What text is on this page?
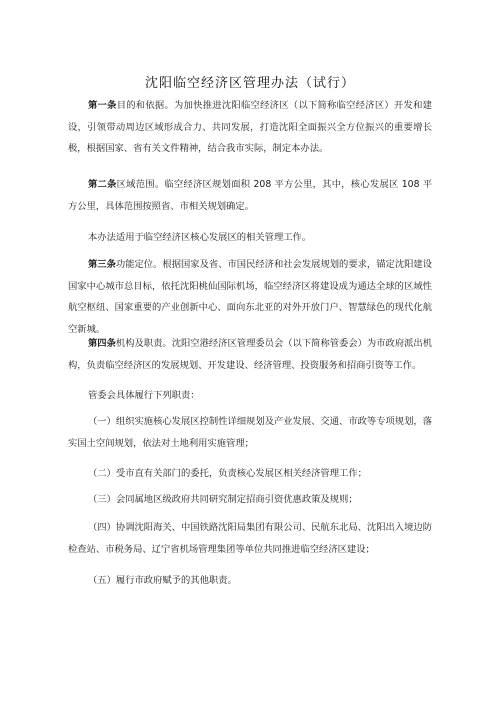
沈阳临空经济区管理办法（试行）

第一条目的和依据。为加快推进沈阳临空经济区（以下简称临空经济区）开发和建设，引领带动周边区域形成合力、共同发展，打造沈阳全面振兴全方位振兴的重要增长极，根据国家、省有关文件精神，结合我市实际，制定本办法。

第二条区域范围。临空经济区规划面积 208 平方公里，其中，核心发展区 108 平方公里，具体范围按照省、市相关规划确定。

本办法适用于临空经济区核心发展区的相关管理工作。

第三条功能定位。根据国家及省、市国民经济和社会发展规划的要求，锚定沈阳建设国家中心城市总目标，依托沈阳桃仙国际机场，临空经济区将建设成为通达全球的区域性航空枢纽、国家重要的产业创新中心、面向东北亚的对外开放门户、智慧绿色的现代化航空新城。

第四条机构及职责。沈阳空港经济区管理委员会（以下简称管委会）为市政府派出机构，负责临空经济区的发展规划、开发建设、经济管理、投资服务和招商引资等工作。

管委会具体履行下列职责：

（一）组织实施核心发展区控制性详细规划及产业发展、交通、市政等专项规划，落实国土空间规划，依法对土地利用实施管理；

（二）受市直有关部门的委托，负责核心发展区相关经济管理工作；

（三）会同属地区级政府共同研究制定招商引资优惠政策及规则；

（四）协调沈阳海关、中国铁路沈阳局集团有限公司、民航东北局、沈阳出入境边防检查站、市税务局、辽宁省机场管理集团等单位共同推进临空经济区建设；

（五）履行市政府赋予的其他职责。
